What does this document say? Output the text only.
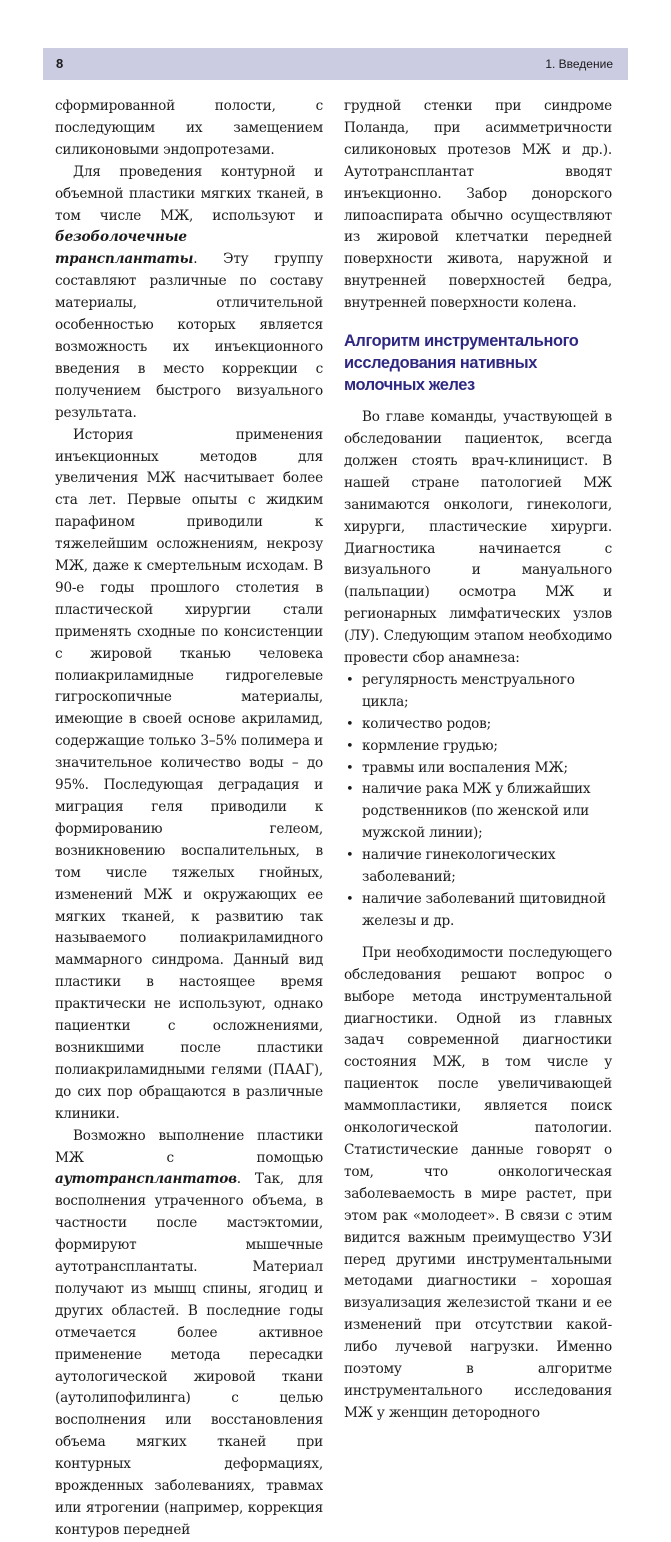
8	1. Введение

сформированной полости, с последующим их замещением силиконовыми эндопротезами.

Для проведения контурной и объемной пластики мягких тканей, в том числе МЖ, используют и безоболочечные трансплантаты. Эту группу составляют различные по составу материалы, отличительной особенностью которых является возможность их инъекционного введения в место коррекции с получением быстрого визуального результата.

История применения инъекционных методов для увеличения МЖ насчитывает более ста лет. Первые опыты с жидким парафином приводили к тяжелейшим осложнениям, некрозу МЖ, даже к смертельным исходам. В 90-е годы прошлого столетия в пластической хирургии стали применять сходные по консистенции с жировой тканью человека полиакриламидные гидрогелевые гигроскопичные материалы, имеющие в своей основе акриламид, содержащие только 3–5% полимера и значительное количество воды – до 95%. Последующая деградация и миграция геля приводили к формированию гелеом, возникновению воспалительных, в том числе тяжелых гнойных, изменений МЖ и окружающих ее мягких тканей, к развитию так называемого полиакриламидного маммарного синдрома. Данный вид пластики в настоящее время практически не используют, однако пациентки с осложнениями, возникшими после пластики полиакриламидными гелями (ПААГ), до сих пор обращаются в различные клиники.

Возможно выполнение пластики МЖ с помощью аутотрансплантатов. Так, для восполнения утраченного объема, в частности после мастэктомии, формируют мышечные аутотрансплантаты. Материал получают из мышц спины, ягодиц и других областей. В последние годы отмечается более активное применение метода пересадки аутологической жировой ткани (аутолипофилинга) с целью восполнения или восстановления объема мягких тканей при контурных деформациях, врожденных заболеваниях, травмах или ятрогении (например, коррекция контуров передней

грудной стенки при синдроме Поланда, при асимметричности силиконовых протезов МЖ и др.). Аутотрансплантат вводят инъекционно. Забор донорского липоаспирата обычно осуществляют из жировой клетчатки передней поверхности живота, наружной и внутренней поверхностей бедра, внутренней поверхности колена.

Алгоритм инструментального исследования нативных молочных желез

Во главе команды, участвующей в обследовании пациенток, всегда должен стоять врач-клиницист. В нашей стране патологией МЖ занимаются онкологи, гинекологи, хирурги, пластические хирурги. Диагностика начинается с визуального и мануального (пальпации) осмотра МЖ и регионарных лимфатических узлов (ЛУ). Следующим этапом необходимо провести сбор анамнеза:

• регулярность менструального цикла;
• количество родов;
• кормление грудью;
• травмы или воспаления МЖ;
• наличие рака МЖ у ближайших родственников (по женской или мужской линии);
• наличие гинекологических заболеваний;
• наличие заболеваний щитовидной железы и др.

При необходимости последующего обследования решают вопрос о выборе метода инструментальной диагностики. Одной из главных задач современной диагностики состояния МЖ, в том числе у пациенток после увеличивающей маммопластики, является поиск онкологической патологии. Статистические данные говорят о том, что онкологическая заболеваемость в мире растет, при этом рак «молодеет». В связи с этим видится важным преимущество УЗИ перед другими инструментальными методами диагностики – хорошая визуализация железистой ткани и ее изменений при отсутствии какой-либо лучевой нагрузки. Именно поэтому в алгоритме инструментального исследования МЖ у женщин детородного
